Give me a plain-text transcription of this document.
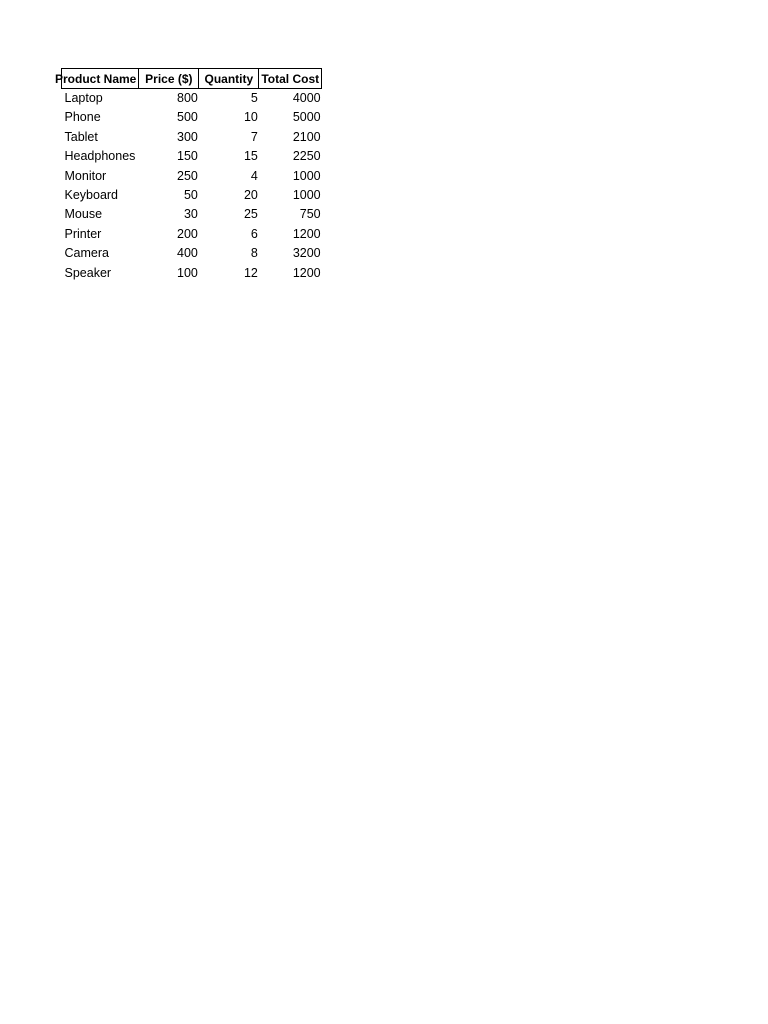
Product Name	Price ($)	Quantity	Total Cost

Laptop	800	5	4000

Phone	500	10	5000

Tablet	300	7	2100

Headphones	150	15	2250

Monitor	250	4	1000

Keyboard	50	20	1000

Mouse	30	25	750

Printer	200	6	1200

Camera	400	8	3200

Speaker	100	12	1200
